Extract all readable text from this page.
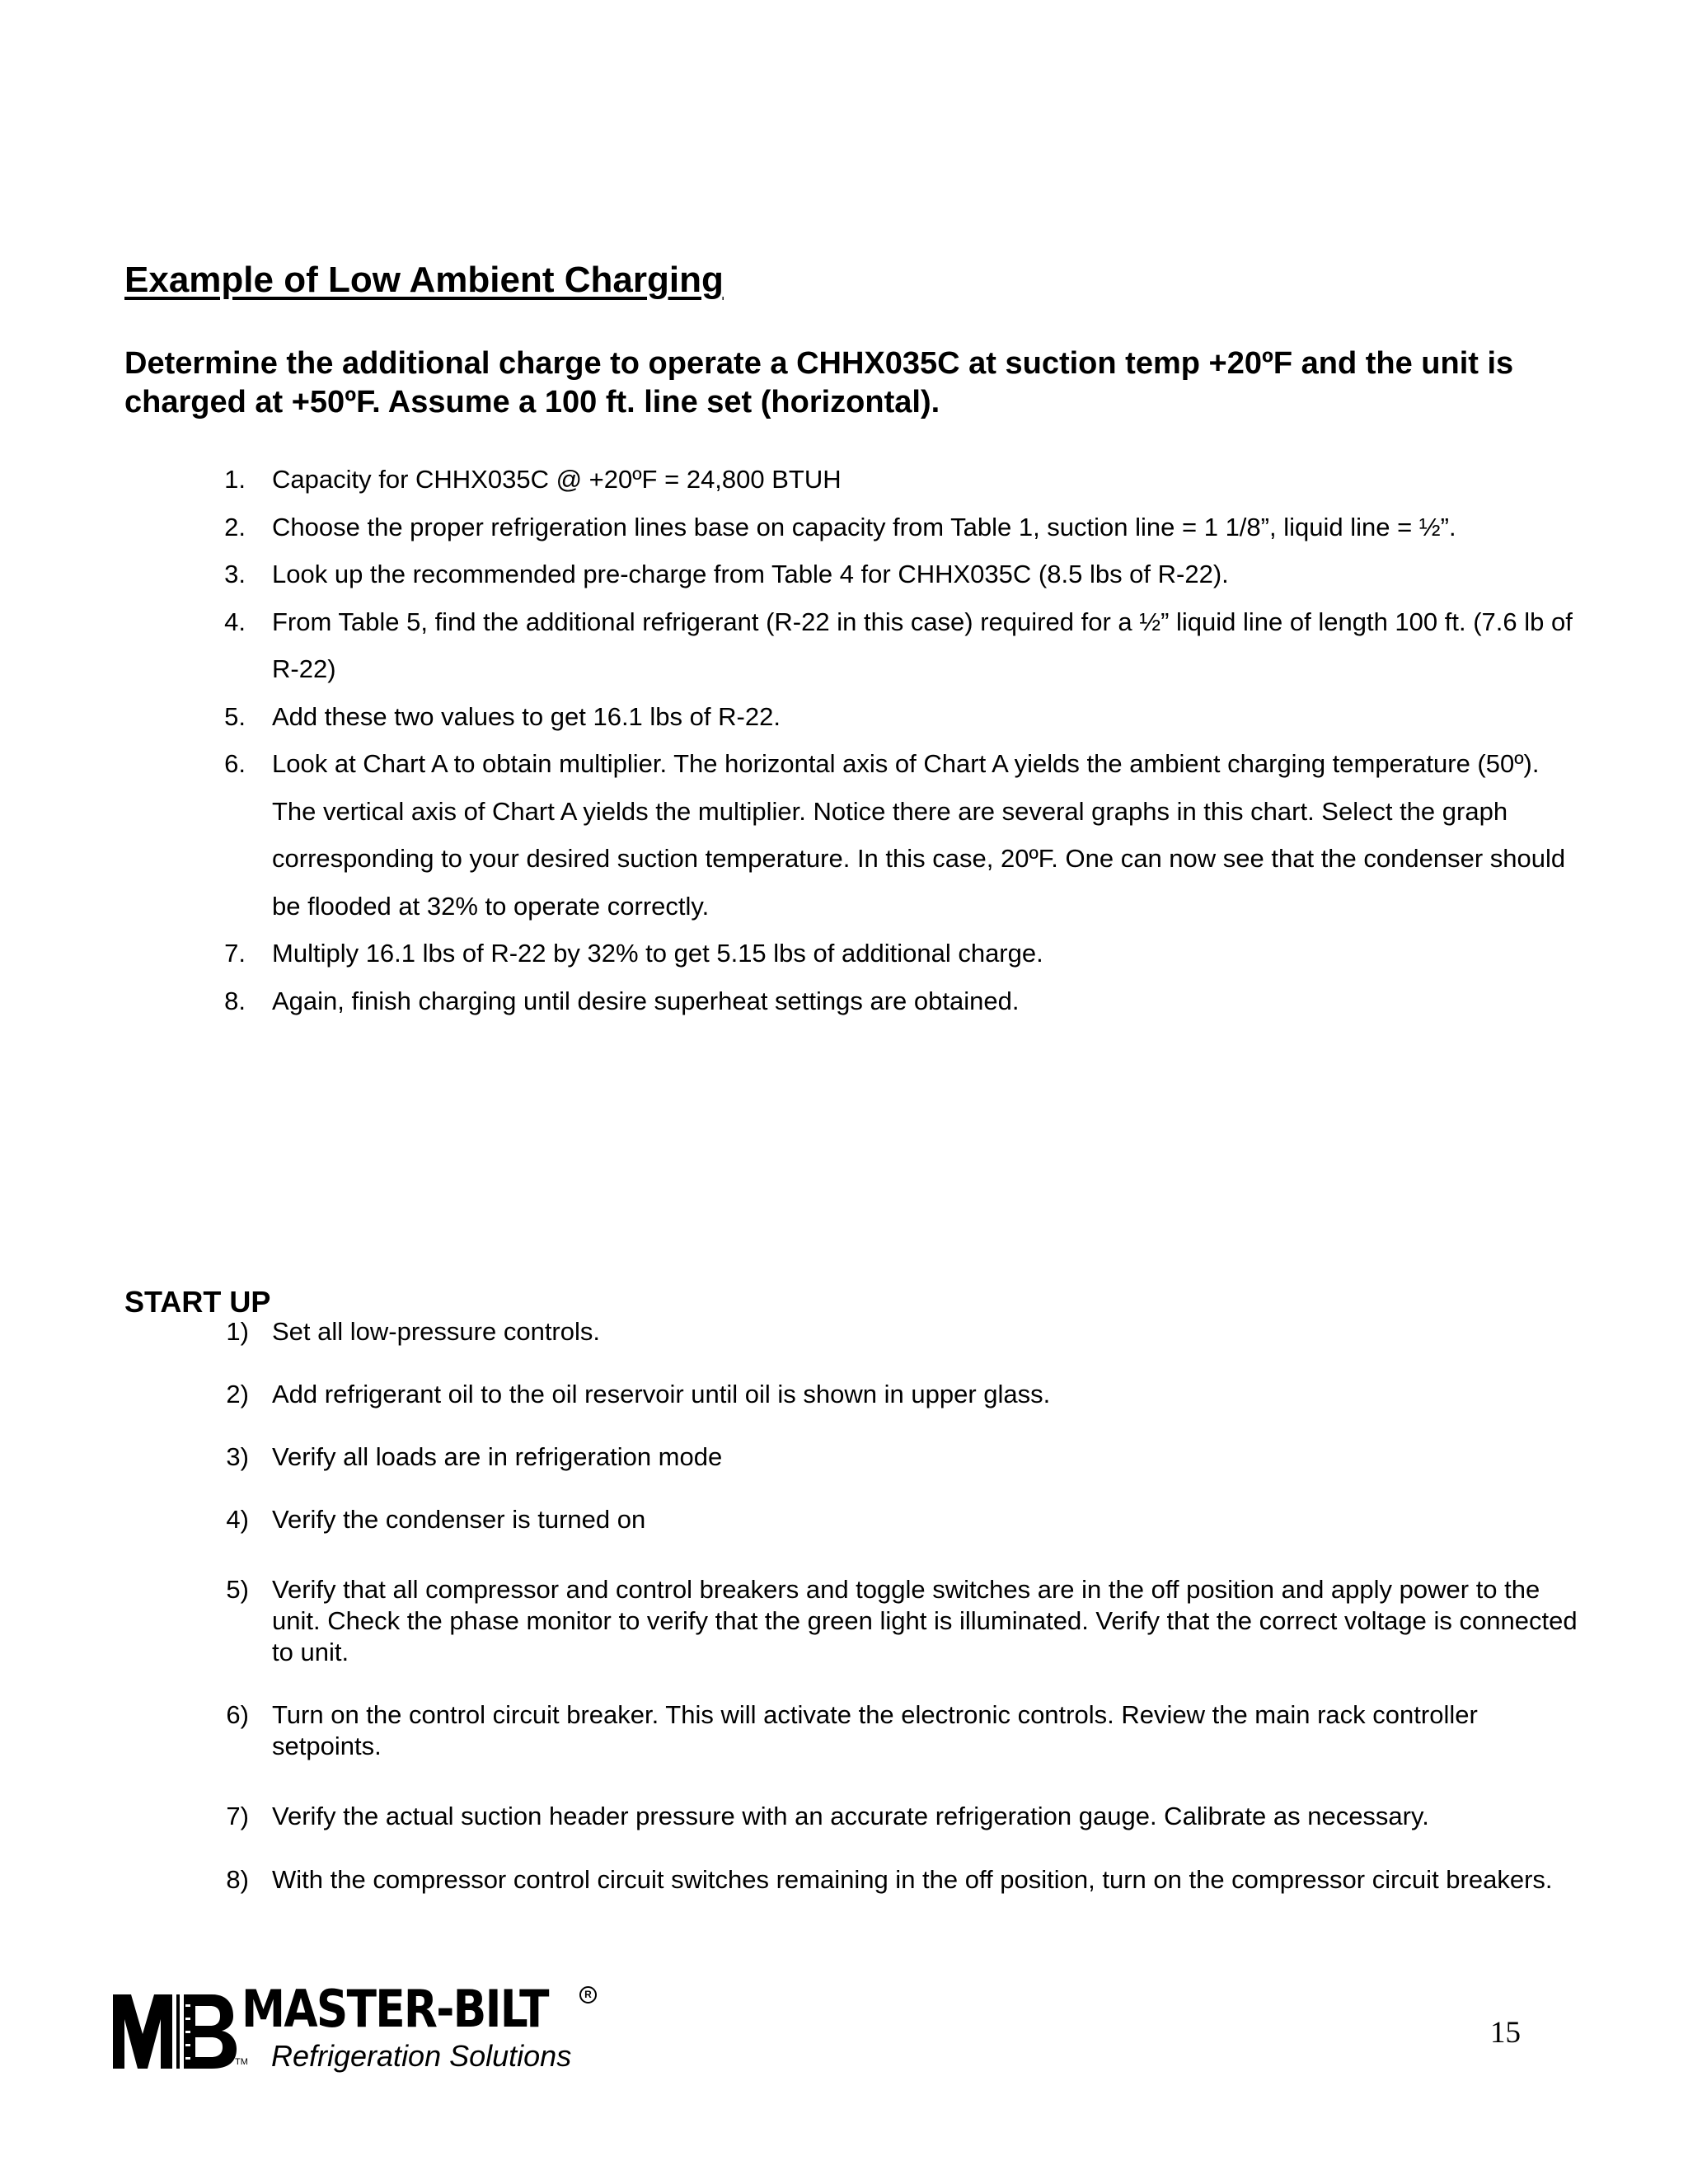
Example of Low Ambient Charging

Determine the additional charge to operate a CHHX035C at suction temp +20ºF and the unit is charged at +50ºF. Assume a 100 ft. line set (horizontal).

1. Capacity for CHHX035C @ +20ºF = 24,800 BTUH
2. Choose the proper refrigeration lines base on capacity from Table 1, suction line = 1 1/8”, liquid line = ½”.
3. Look up the recommended pre-charge from Table 4 for CHHX035C (8.5 lbs of R-22).
4. From Table 5, find the additional refrigerant (R-22 in this case) required for a ½” liquid line of length 100 ft. (7.6 lb of R-22)
5. Add these two values to get 16.1 lbs of R-22.
6. Look at Chart A to obtain multiplier. The horizontal axis of Chart A yields the ambient charging temperature (50º). The vertical axis of Chart A yields the multiplier. Notice there are several graphs in this chart. Select the graph corresponding to your desired suction temperature. In this case, 20ºF. One can now see that the condenser should be flooded at 32% to operate correctly.
7. Multiply 16.1 lbs of R-22 by 32% to get 5.15 lbs of additional charge.
8. Again, finish charging until desire superheat settings are obtained.
START UP
1) Set all low-pressure controls.
2) Add refrigerant oil to the oil reservoir until oil is shown in upper glass.
3) Verify all loads are in refrigeration mode
4) Verify the condenser is turned on
5) Verify that all compressor and control breakers and toggle switches are in the off position and apply power to the unit. Check the phase monitor to verify that the green light is illuminated. Verify that the correct voltage is connected to unit.
6) Turn on the control circuit breaker. This will activate the electronic controls. Review the main rack controller setpoints.
7) Verify the actual suction header pressure with an accurate refrigeration gauge. Calibrate as necessary.
8) With the compressor control circuit switches remaining in the off position, turn on the compressor circuit breakers.
MASTER-BILT	R
TM Refrigeration Solutions
15
